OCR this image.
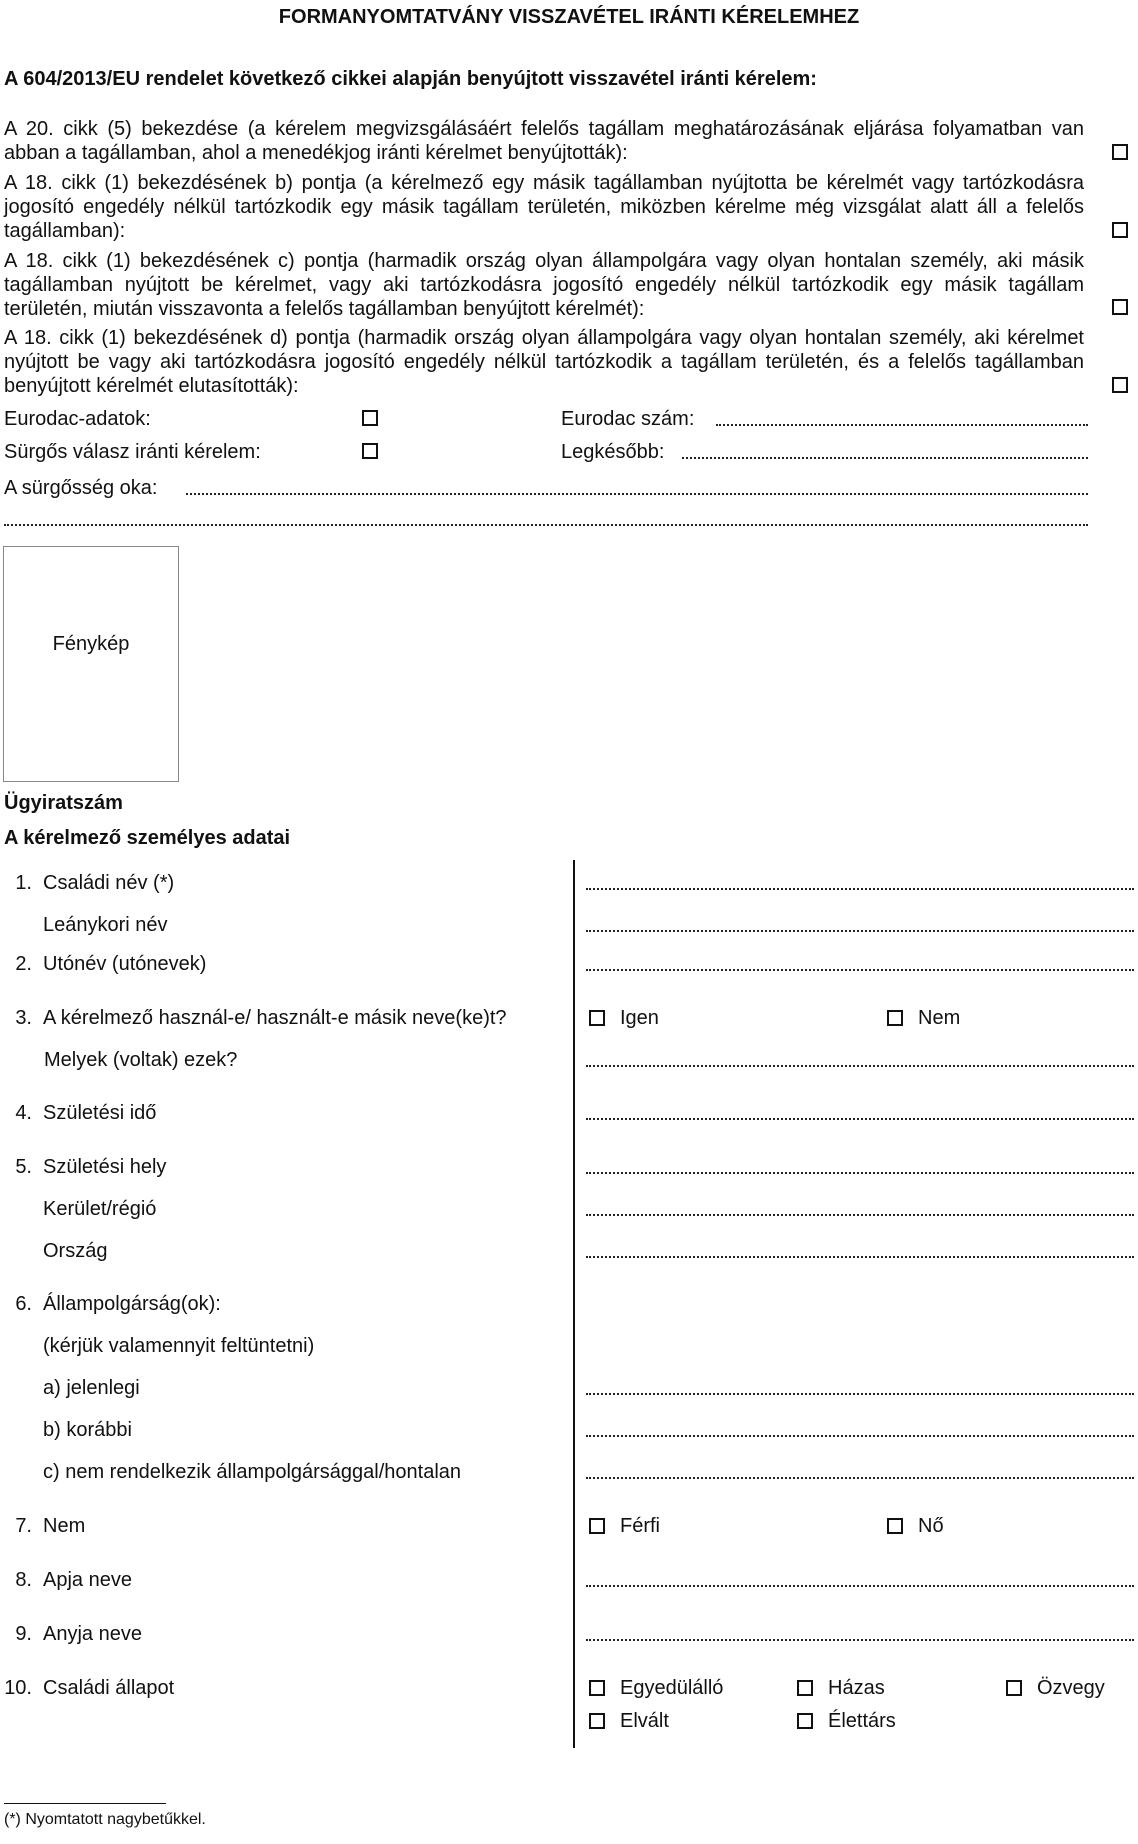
FORMANYOMTATVÁNY VISSZAVÉTEL IRÁNTI KÉRELEMHEZ
A 604/2013/EU rendelet következő cikkei alapján benyújtott visszavétel iránti kérelem:
A 20. cikk (5) bekezdése (a kérelem megvizsgálásáért felelős tagállam meghatározásának eljárása folyamatban van abban a tagállamban, ahol a menedékjog iránti kérelmet benyújtották):
A 18. cikk (1) bekezdésének b) pontja (a kérelmező egy másik tagállamban nyújtotta be kérelmét vagy tartózkodásra jogosító engedély nélkül tartózkodik egy másik tagállam területén, miközben kérelme még vizsgálat alatt áll a felelős tagállamban):
A 18. cikk (1) bekezdésének c) pontja (harmadik ország olyan állampolgára vagy olyan hontalan személy, aki másik tagállamban nyújtott be kérelmet, vagy aki tartózkodásra jogosító engedély nélkül tartózkodik egy másik tagállam területén, miután visszavonta a felelős tagállamban benyújtott kérelmét):
A 18. cikk (1) bekezdésének d) pontja (harmadik ország olyan állampolgára vagy olyan hontalan személy, aki kérelmet nyújtott be vagy aki tartózkodásra jogosító engedély nélkül tartózkodik a tagállam területén, és a felelős tagállamban benyújtott kérelmét elutasították):
Eurodac-adatok:	Eurodac szám:
Sürgős válasz iránti kérelem:	Legkésőbb:
A sürgősség oka:
Fénykép
Ügyiratszám
A kérelmező személyes adatai
1. Családi név (*)
Leánykori név
2. Utónév (utónevek)
3. A kérelmező használ-e/ használt-e másik neve(ke)t?	Igen	Nem
Melyek (voltak) ezek?
4. Születési idő
5. Születési hely
Kerület/régió
Ország
6. Állampolgárság(ok):
(kérjük valamennyit feltüntetni)
a) jelenlegi
b) korábbi
c) nem rendelkezik állampolgársággal/hontalan
7. Nem	Férfi	Nő
8. Apja neve
9. Anyja neve
10. Családi állapot	Egyedülálló	Házas	Özvegy
Elvált	Élettárs
(*) Nyomtatott nagybetűkkel.
